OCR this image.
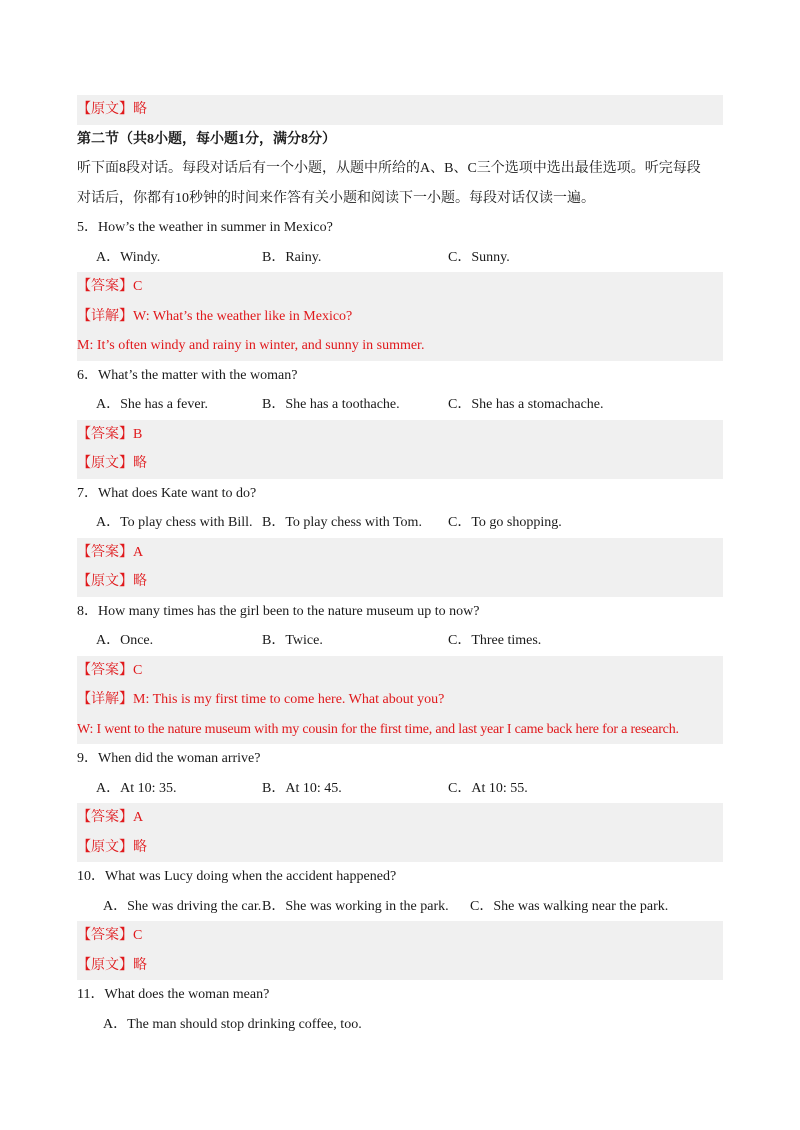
【原文】略
第二节（共8小题，每小题1分，满分8分）
听下面8段对话。每段对话后有一个小题，从题中所给的A、B、C三个选项中选出最佳选项。听完每段
对话后，你都有10秒钟的时间来作答有关小题和阅读下一小题。每段对话仅读一遍。
5．How’s the weather in summer in Mexico?
A．Windy.	B．Rainy.	C．Sunny.
【答案】C
【详解】W: What’s the weather like in Mexico?
M: It’s often windy and rainy in winter, and sunny in summer.
6．What’s the matter with the woman?
A．She has a fever.	B．She has a toothache.	C．She has a stomachache.
【答案】B
【原文】略
7．What does Kate want to do?
A．To play chess with Bill. B．To play chess with Tom. C．To go shopping.
【答案】A
【原文】略
8．How many times has the girl been to the nature museum up to now?
A．Once.	B．Twice.	C．Three times.
【答案】C
【详解】M: This is my first time to come here. What about you?
W: I went to the nature museum with my cousin for the first time, and last year I came back here for a research.
9．When did the woman arrive?
A．At 10: 35.	B．At 10: 45.	C．At 10: 55.
【答案】A
【原文】略
10．What was Lucy doing when the accident happened?
A．She was driving the car. B．She was working in the park. C．She was walking near the park.
【答案】C
【原文】略
11．What does the woman mean?
A．The man should stop drinking coffee, too.
